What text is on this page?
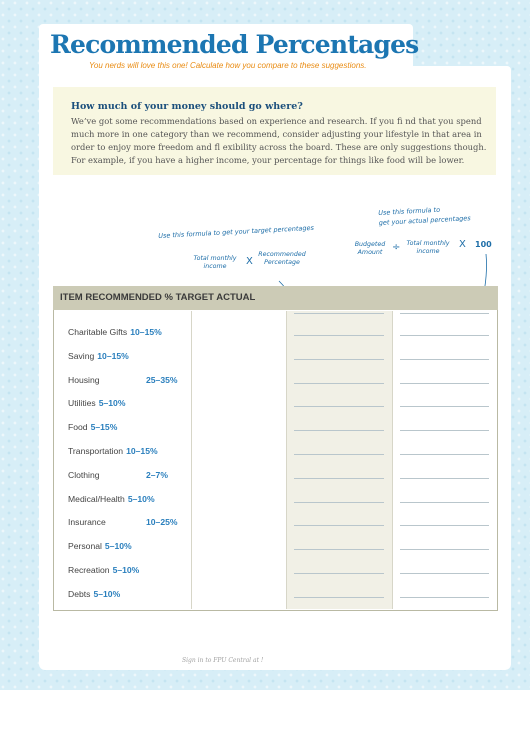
Recommended Percentages
You nerds will love this one! Calculate how you compare to these suggestions.
How much of your money should go where?
We’ve got some recommendations based on experience and research. If you fi nd that you spend much more in one category than we recommend, consider adjusting your lifestyle in that area in order to enjoy more freedom and fl exibility across the board. These are only suggestions though. For example, if you have a higher income, your percentage for things like food will be lower.
Use this formula to get your target percentages
Total monthly income	X
Recommended Percentage
Use this formula to
get your actual percentages
Budgeted Amount ÷ Total monthly income
X 100
ITEM RECOMMENDED % TARGET ACTUAL
Charitable Gifts 10–15%
Saving 10–15%
Housing	25–35%
Utilities 5–10%
Food 5–15%
Transportation 10–15%
Clothing	2–7%
Medical/Health 5–10%
Insurance	10–25%
Personal 5–10%
Recreation 5–10%
Debts 5–10%
Sign in to FPU Central at !
